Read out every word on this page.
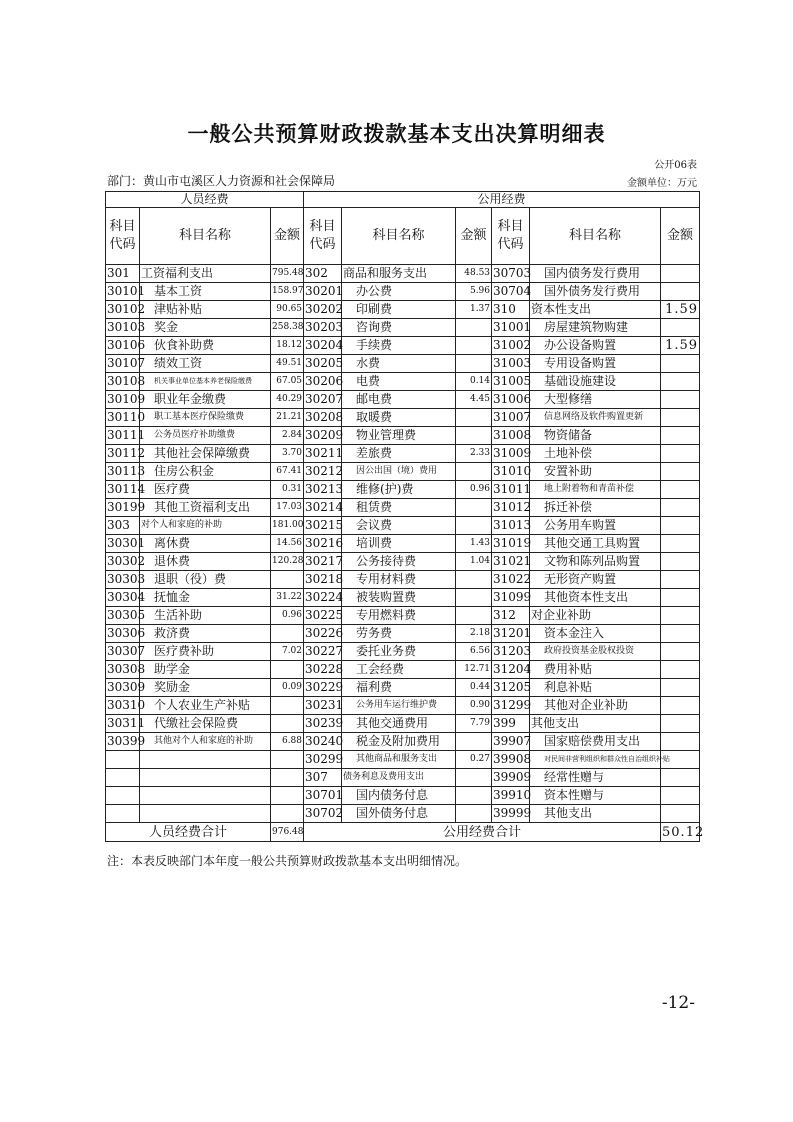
一般公共预算财政拨款基本支出决算明细表
公开06表
部门：黄山市屯溪区人力资源和社会保障局	金额单位：万元
人员经费			公用经费					
科目代码	科目名称	金额	科目代码	科目名称	金额	科目代码	科目名称	金额
301	工资福利支出	795.48	302	商品和服务支出	48.53	30703	国内债务发行费用	
30101	基本工资	158.97	30201	办公费	5.96	30704	国外债务发行费用	
30102	津贴补贴	90.65	30202	印刷费	1.37	310	资本性支出	1.59
30103	奖金	258.38	30203	咨询费		31001	房屋建筑物购建	
30106	伙食补助费	18.12	30204	手续费		31002	办公设备购置	1.59
30107	绩效工资	49.51	30205	水费		31003	专用设备购置	
30108	机关事业单位基本养老保险缴费	67.05	30206	电费	0.14	31005	基础设施建设	
30109	职业年金缴费	40.29	30207	邮电费	4.45	31006	大型修缮	
30110	职工基本医疗保险缴费	21.21	30208	取暖费		31007	信息网络及软件购置更新	
30111	公务员医疗补助缴费	2.84	30209	物业管理费		31008	物资储备	
30112	其他社会保障缴费	3.70	30211	差旅费	2.33	31009	土地补偿	
30113	住房公积金	67.41	30212	因公出国（境）费用		31010	安置补助	
30114	医疗费	0.31	30213	维修(护)费	0.96	31011	地上附着物和青苗补偿	
30199	其他工资福利支出	17.03	30214	租赁费		31012	拆迁补偿	
303	对个人和家庭的补助	181.00	30215	会议费		31013	公务用车购置	
30301	离休费	14.56	30216	培训费	1.43	31019	其他交通工具购置	
30302	退休费	120.28	30217	公务接待费	1.04	31021	文物和陈列品购置	
30303	退职（役）费		30218	专用材料费		31022	无形资产购置	
30304	抚恤金	31.22	30224	被装购置费		31099	其他资本性支出	
30305	生活补助	0.96	30225	专用燃料费		312	对企业补助	
30306	救济费		30226	劳务费	2.18	31201	资本金注入	
30307	医疗费补助	7.02	30227	委托业务费	6.56	31203	政府投资基金股权投资	
30308	助学金		30228	工会经费	12.71	31204	费用补贴	
30309	奖励金	0.09	30229	福利费	0.44	31205	利息补贴	
30310	个人农业生产补贴		30231	公务用车运行维护费	0.90	31299	其他对企业补助	
30311	代缴社会保险费		30239	其他交通费用	7.79	399	其他支出	
30399	其他对个人和家庭的补助	6.88	30240	税金及附加费用		39907	国家赔偿费用支出	
			30299	其他商品和服务支出	0.27	39908	对民间非营利组织和群众性自治组织补贴	
			307	债务利息及费用支出		39909	经常性赠与	
			30701	国内债务付息		39910	资本性赠与	
			30702	国外债务付息		39999	其他支出	
人员经费合计		976.48	公用经费合计					50.12
注：本表反映部门本年度一般公共预算财政拨款基本支出明细情况。
-12-
